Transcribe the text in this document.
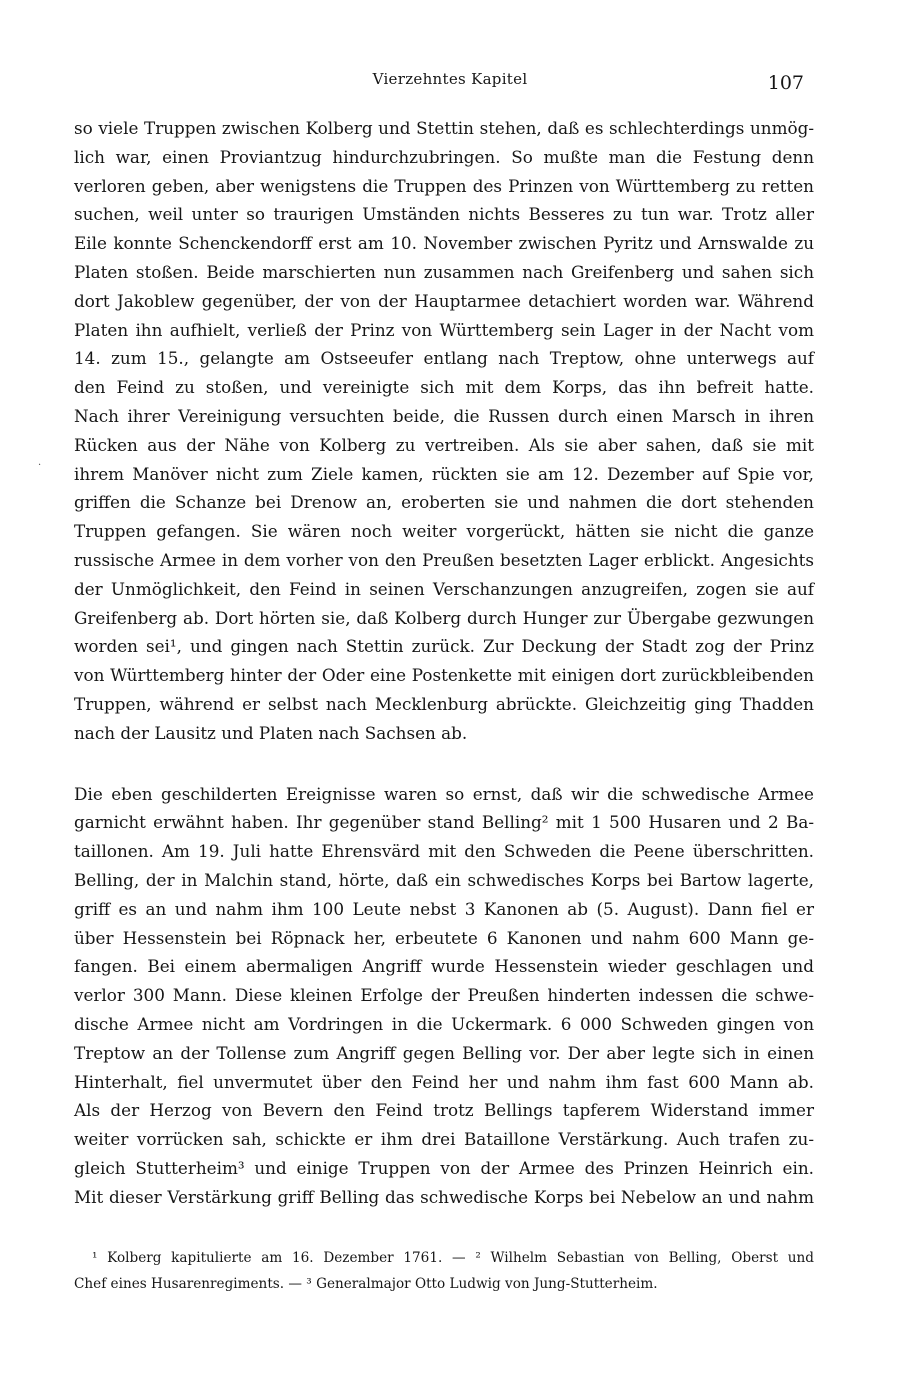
Vierzehntes Kapitel	107
·
so viele Truppen zwischen Kolberg und Stettin stehen, daß es schlechterdings unmög-
lich war, einen Proviantzug hindurchzubringen. So mußte man die Festung denn
verloren geben, aber wenigstens die Truppen des Prinzen von Württemberg zu retten
suchen, weil unter so traurigen Umständen nichts Besseres zu tun war. Trotz aller
Eile konnte Schenckendorff erst am 10. November zwischen Pyritz und Arnswalde zu
Platen stoßen. Beide marschierten nun zusammen nach Greifenberg und sahen sich
dort Jakoblew gegenüber, der von der Hauptarmee detachiert worden war. Während
Platen ihn aufhielt, verließ der Prinz von Württemberg sein Lager in der Nacht vom
14. zum 15., gelangte am Ostseeufer entlang nach Treptow, ohne unterwegs auf
den Feind zu stoßen, und vereinigte sich mit dem Korps, das ihn befreit hatte.
Nach ihrer Vereinigung versuchten beide, die Russen durch einen Marsch in ihren
Rücken aus der Nähe von Kolberg zu vertreiben. Als sie aber sahen, daß sie mit
ihrem Manöver nicht zum Ziele kamen, rückten sie am 12. Dezember auf Spie vor,
griffen die Schanze bei Drenow an, eroberten sie und nahmen die dort stehenden
Truppen gefangen. Sie wären noch weiter vorgerückt, hätten sie nicht die ganze
russische Armee in dem vorher von den Preußen besetzten Lager erblickt. Angesichts
der Unmöglichkeit, den Feind in seinen Verschanzungen anzugreifen, zogen sie auf
Greifenberg ab. Dort hörten sie, daß Kolberg durch Hunger zur Übergabe gezwungen
worden sei¹, und gingen nach Stettin zurück. Zur Deckung der Stadt zog der Prinz
von Württemberg hinter der Oder eine Postenkette mit einigen dort zurückbleibenden
Truppen, während er selbst nach Mecklenburg abrückte. Gleichzeitig ging Thadden
nach der Lausitz und Platen nach Sachsen ab.
Die eben geschilderten Ereignisse waren so ernst, daß wir die schwedische Armee
garnicht erwähnt haben. Ihr gegenüber stand Belling² mit 1 500 Husaren und 2 Ba-
taillonen. Am 19. Juli hatte Ehrensvärd mit den Schweden die Peene überschritten.
Belling, der in Malchin stand, hörte, daß ein schwedisches Korps bei Bartow lagerte,
griff es an und nahm ihm 100 Leute nebst 3 Kanonen ab (5. August). Dann fiel er
über Hessenstein bei Röpnack her, erbeutete 6 Kanonen und nahm 600 Mann ge-
fangen. Bei einem abermaligen Angriff wurde Hessenstein wieder geschlagen und
verlor 300 Mann. Diese kleinen Erfolge der Preußen hinderten indessen die schwe-
dische Armee nicht am Vordringen in die Uckermark. 6 000 Schweden gingen von
Treptow an der Tollense zum Angriff gegen Belling vor. Der aber legte sich in einen
Hinterhalt, fiel unvermutet über den Feind her und nahm ihm fast 600 Mann ab.
Als der Herzog von Bevern den Feind trotz Bellings tapferem Widerstand immer
weiter vorrücken sah, schickte er ihm drei Bataillone Verstärkung. Auch trafen zu-
gleich Stutterheim³ und einige Truppen von der Armee des Prinzen Heinrich ein.
Mit dieser Verstärkung griff Belling das schwedische Korps bei Nebelow an und nahm
¹ Kolberg kapitulierte am 16. Dezember 1761. — ² Wilhelm Sebastian von Belling, Oberst und
Chef eines Husarenregiments. — ³ Generalmajor Otto Ludwig von Jung-Stutterheim.
